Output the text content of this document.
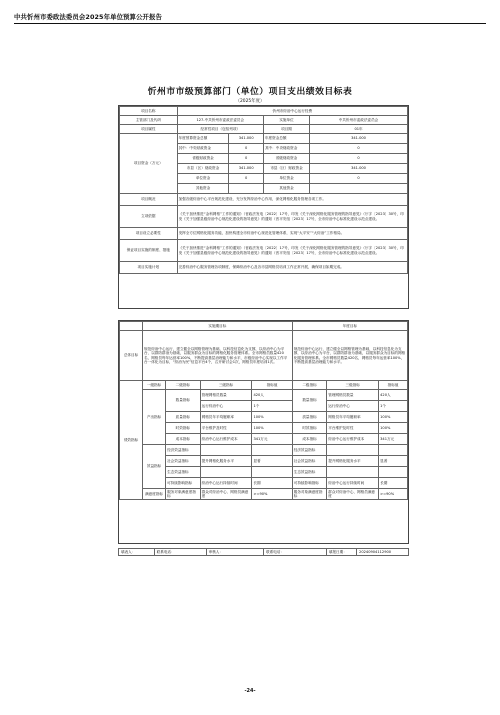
中共忻州市委政法委员会2025年单位预算公开报告
忻州市市级预算部门（单位）项目支出绩效目标表
（2025年度）
项目名称	忻州市综治中心运行经费			
主管部门及代码	127-中共忻州市委政法委员会		实施单位	中共忻州市委政法委员会
项目属性	经常性项目（包括列项）		项目期	01年
项目资金（万元）	年度预算资金总额	341.000	年度资金总额	341.000
	其中：中央财政资金	0	其中：中央财政资金	0
	省级财政资金	0	省级财政资金	0
	市县（区）财政资金	341.000	市县（区）财政资金	341.000
	单位资金	0	单位资金	0
	其他资金		其他资金	
项目概况	加强各级综治中心平台规范化建设，充分发挥综治中心作用，深化网格化服务管理各项工作。			
立项依据	《关于加快推进“金科网格”工作的通知》（晋政法发电〔2022〕17号，印发《关于深化网格化服务管理的指导意见》（厅字〔2023〕30号，印发《关于加强县级综治中心规范化建设的指导意见》的通知（晋平安组〔2023〕17号，全市综治中心标准化建设示范点建设。			
项目设立必要性	发挥全方位网格化服务功能，加快构建全市综治中心规范化管理体系，实现“大平安”“大综治”工作格局。			
保证项目实施的制度、措施	《关于加快推进“金科网格”工作的通知》（晋政法发电〔2022〕17号，印发《关于深化网格化服务管理的指导意见》（厅字〔2023〕30号，印发《关于加强县级综治中心规范化建设的指导意见》的通知（晋平安组〔2023〕17号，全市综治中心标准化建设示范点建设。			
项目实施计划	完善综治中心服务管理各项制度，保障综治中心及各市县网格员培训工作正常开展，确保项目如期完成。			
	实施期目标				年度目标		
总体目标	规范综治中心运行，建立健全以网格管理为基础，以科技信息化为支撑，以综治中心为平台，以群防群治为基础，以服务群众为目标的网格化服务管理体系。全市网格员数量420名，网格员每年运营率100%，不断提高基层治理能力和水平，市级综治中心实现以工作平台一体化为目标，“综治为民”信息平台4个，召开研讨会1次，网格员年度培训1次。				规范综治中心运行，建立健全以网格管理为基础，以科技信息化为支撑，以综治中心为平台，以群防群治为基础，以服务群众为目标的网格化服务管理体系。全市网格员数量420名，网格员每年运营率100%，不断提高基层治理能力和水平。		
绩效指标	一级指标	二级指标	三级指标	指标值	二级指标	三级指标	指标值
	产出指标	数量指标	管理网格员数量	420人	数量指标	管理网格员数量	420人
			运行综治中心	1个		运行综治中心	1个
		质量指标	网格员年平均履职率	100%	质量指标	网格员年平均履职率	100%
		时效指标	平台维护及时性	100%	时效指标	平台维护及时性	100%
		成本指标	综治中心运行维护成本	341万元	成本指标	综治中心运行维护成本	341万元
	效益指标	经济效益指标			经济效益指标		
		社会效益指标	提升网格化服务水平	显著	社会效益指标	提升网格化服务水平	显著
		生态效益指标			生态效益指标		
		可持续影响指标	综治中心运行持续时间	长期	可持续影响指标	综治中心运行持续时间	长期
	满意度指标	服务对象满意度指标	群众对综治中心、网格员满意度	>=90%	服务对象满意度指标	群众对综治中心、网格员满意度	>=90%
填表人：	联系电话：	审核人：	联系电话：	填报日期：	20240904112900
-24-
